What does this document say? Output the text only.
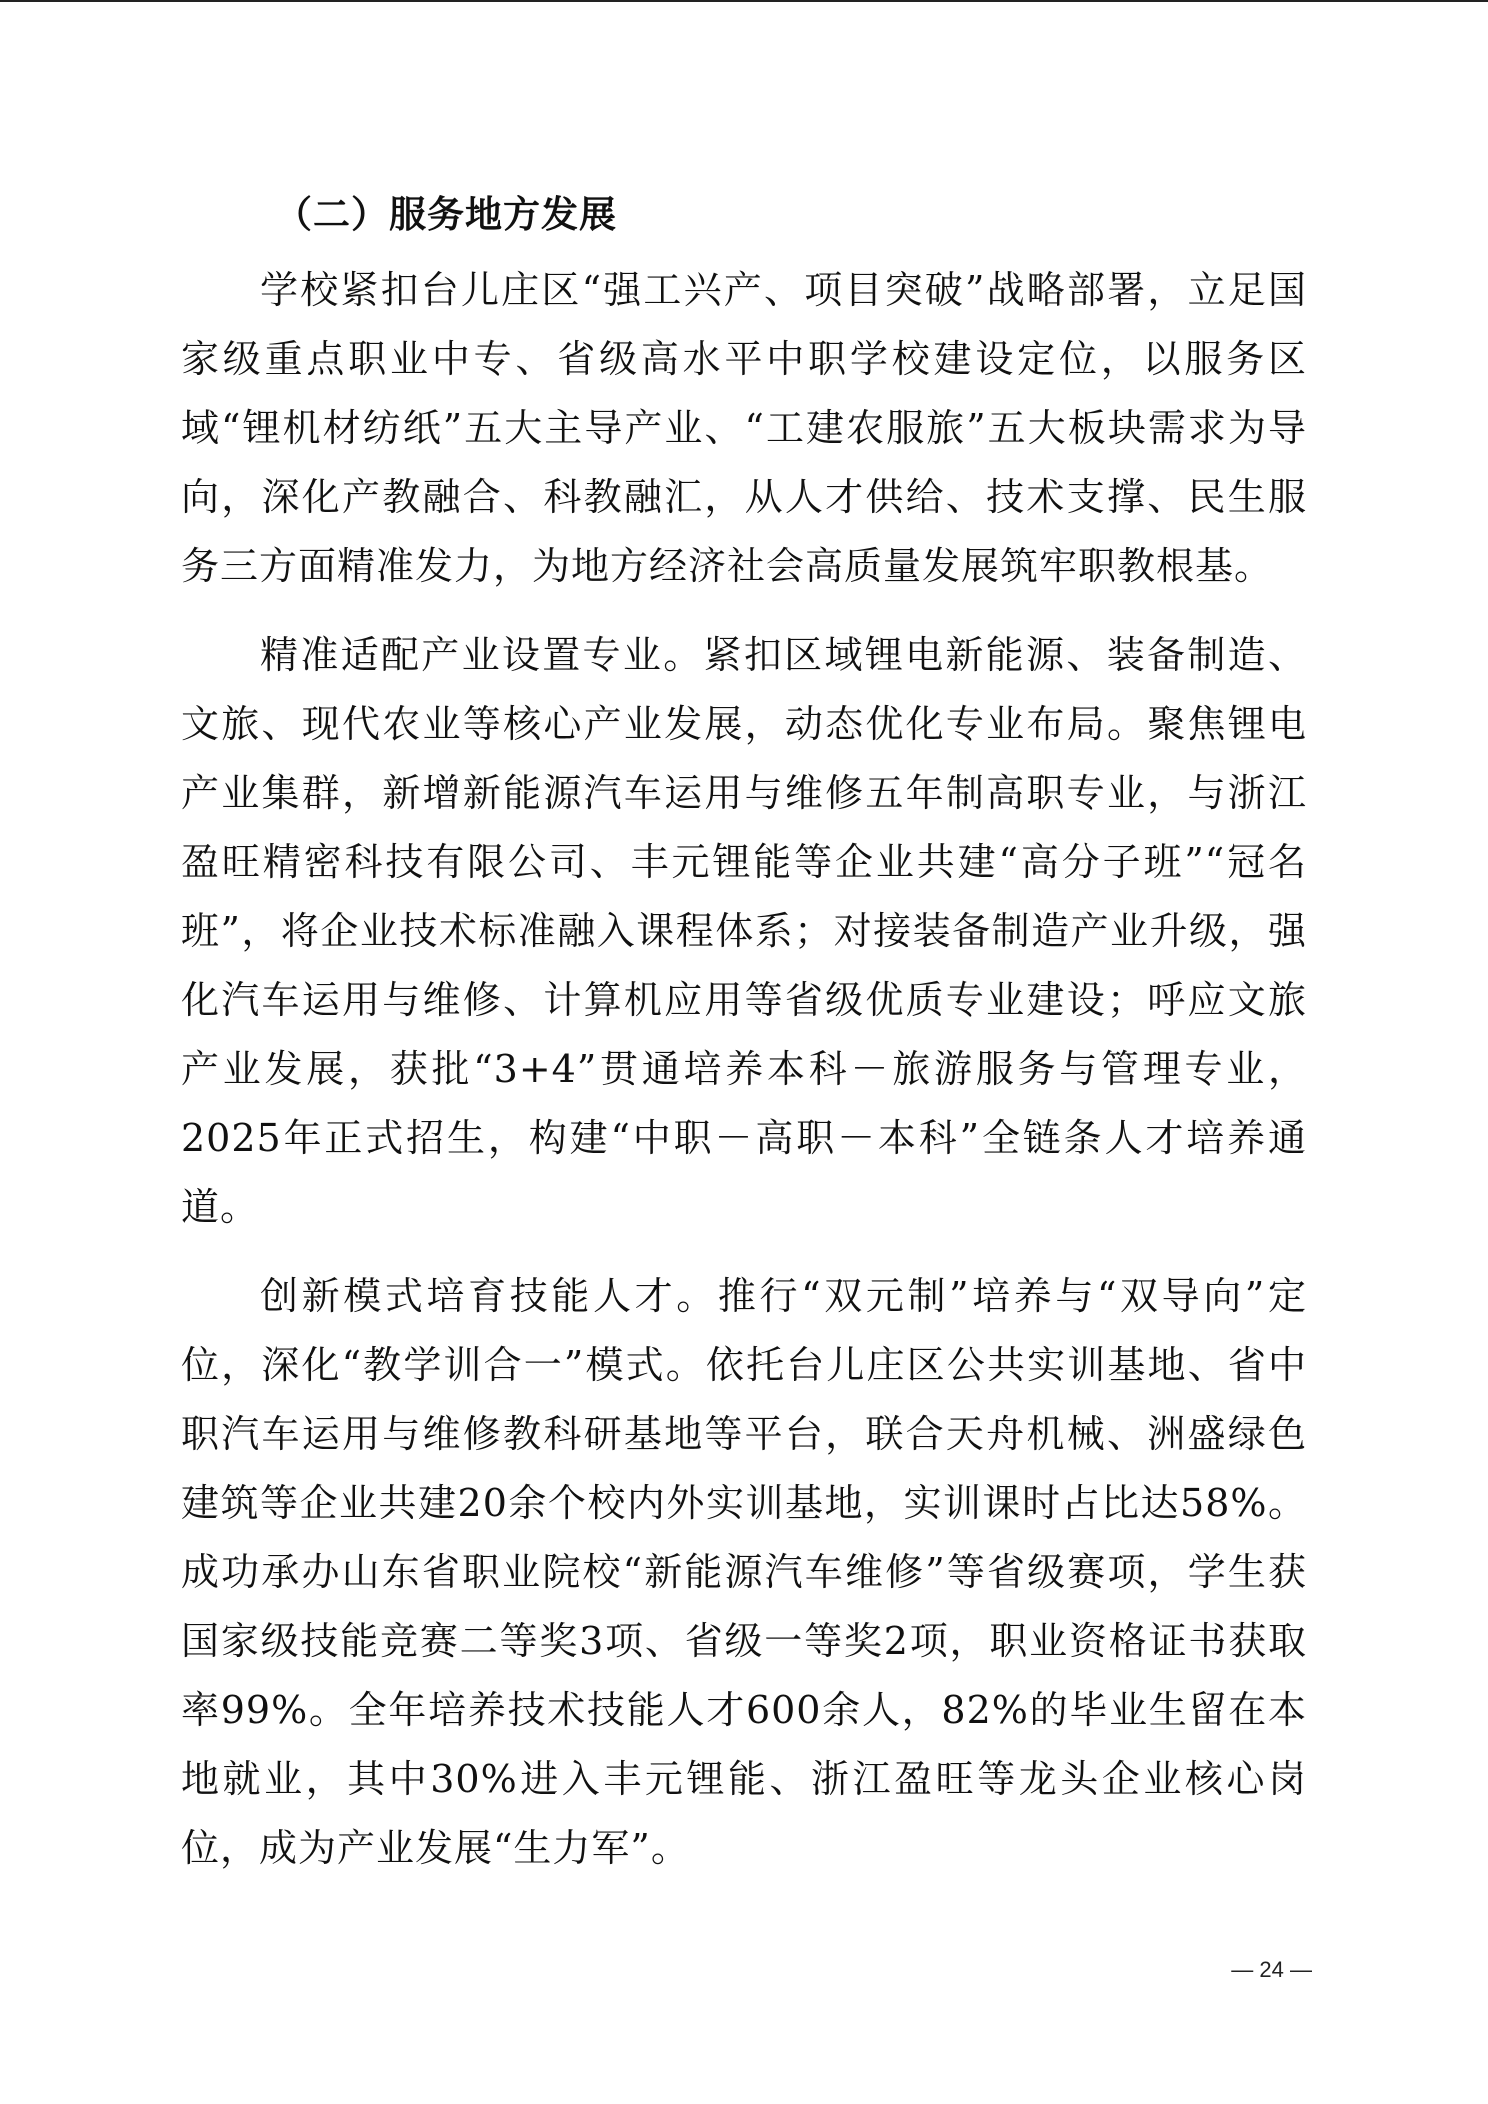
（二）服务地方发展

学校紧扣台儿庄区“强工兴产、项目突破”战略部署，立足国家级重点职业中专、省级高水平中职学校建设定位，以服务区域“锂机材纺纸”五大主导产业、“工建农服旅”五大板块需求为导向，深化产教融合、科教融汇，从人才供给、技术支撑、民生服务三方面精准发力，为地方经济社会高质量发展筑牢职教根基。

精准适配产业设置专业。紧扣区域锂电新能源、装备制造、文旅、现代农业等核心产业发展，动态优化专业布局。聚焦锂电产业集群，新增新能源汽车运用与维修五年制高职专业，与浙江盈旺精密科技有限公司、丰元锂能等企业共建“高分子班”“冠名班”，将企业技术标准融入课程体系；对接装备制造产业升级，强化汽车运用与维修、计算机应用等省级优质专业建设；呼应文旅产业发展，获批“3+4”贯通培养本科－旅游服务与管理专业，2025年正式招生，构建“中职－高职－本科”全链条人才培养通道。

创新模式培育技能人才。推行“双元制”培养与“双导向”定位，深化“教学训合一”模式。依托台儿庄区公共实训基地、省中职汽车运用与维修教科研基地等平台，联合天舟机械、洲盛绿色建筑等企业共建20余个校内外实训基地，实训课时占比达58%。成功承办山东省职业院校“新能源汽车维修”等省级赛项，学生获国家级技能竞赛二等奖3项、省级一等奖2项，职业资格证书获取率99%。全年培养技术技能人才600余人，82%的毕业生留在本地就业，其中30%进入丰元锂能、浙江盈旺等龙头企业核心岗位，成为产业发展“生力军”。

— 24 —
